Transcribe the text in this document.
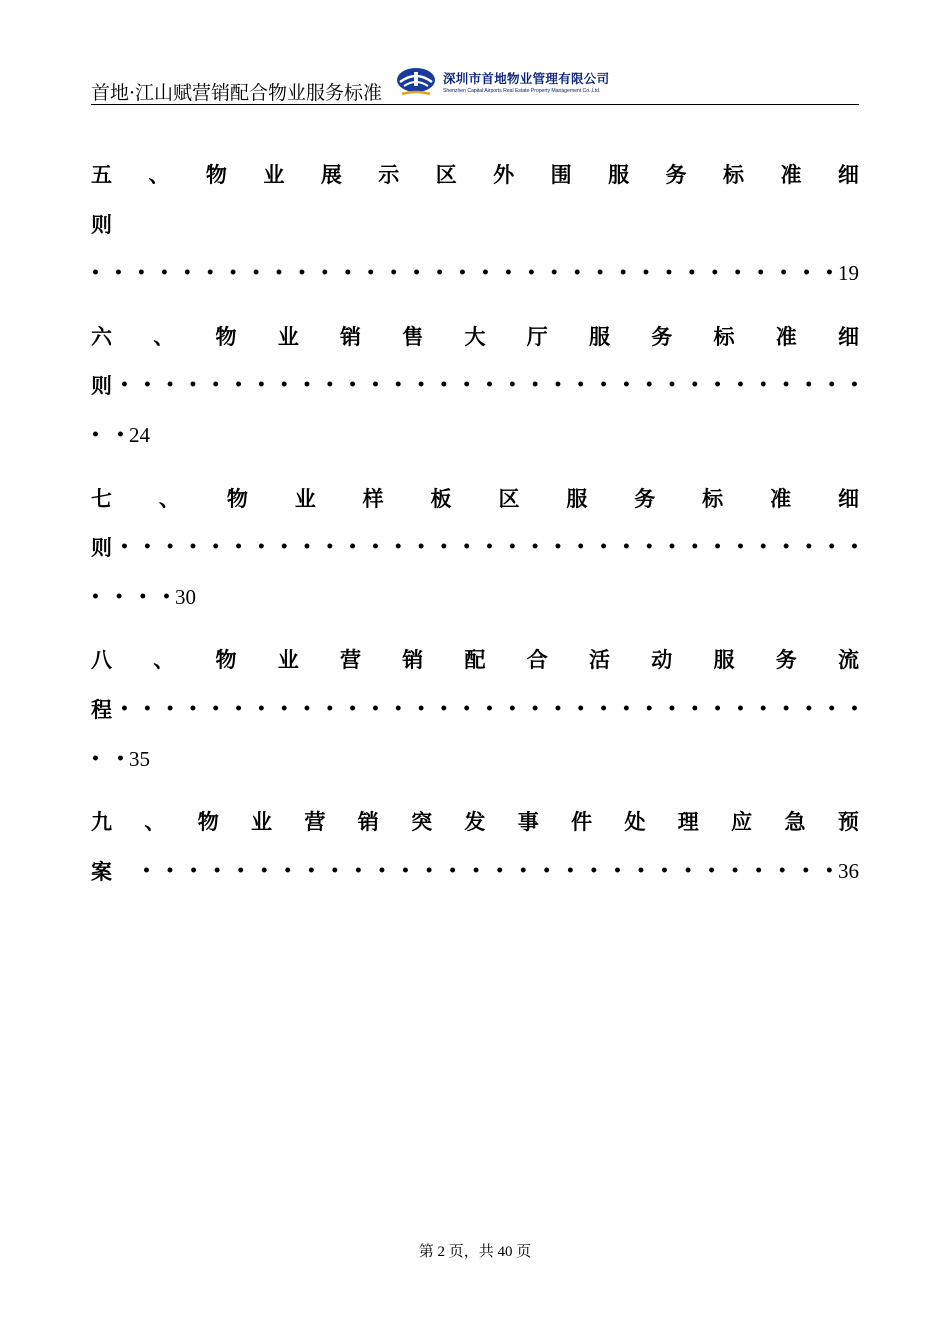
首地·江山赋营销配合物业服务标准
深圳市首地物业管理有限公司
Shenzhen Capital Airports Real Estate Property Management Co.,Ltd.
五 、 物 业 展 示 区 外 围 服 务 标 准 细
则
• • • • • • • • • • • • • • • • • • • • • • • • • • • • • • • • • 19
六 、 物 业 销 售 大 厅 服 务 标 准 细
则 • • • • • • • • • • • • • • • • • • • • • • • • • • • • • • • • •
• • 24
七 、 物 业 样 板 区 服 务 标 准 细
则 • • • • • • • • • • • • • • • • • • • • • • • • • • • • • • • • •
• • • • 30
八 、 物 业 营 销 配 合 活 动 服 务 流
程 • • • • • • • • • • • • • • • • • • • • • • • • • • • • • • • • •
• • 35
九 、 物 业 营 销 突 发 事 件 处 理 应 急 预
案 • • • • • • • • • • • • • • • • • • • • • • • • • • • • • • 36
第 2 页，共 40 页
